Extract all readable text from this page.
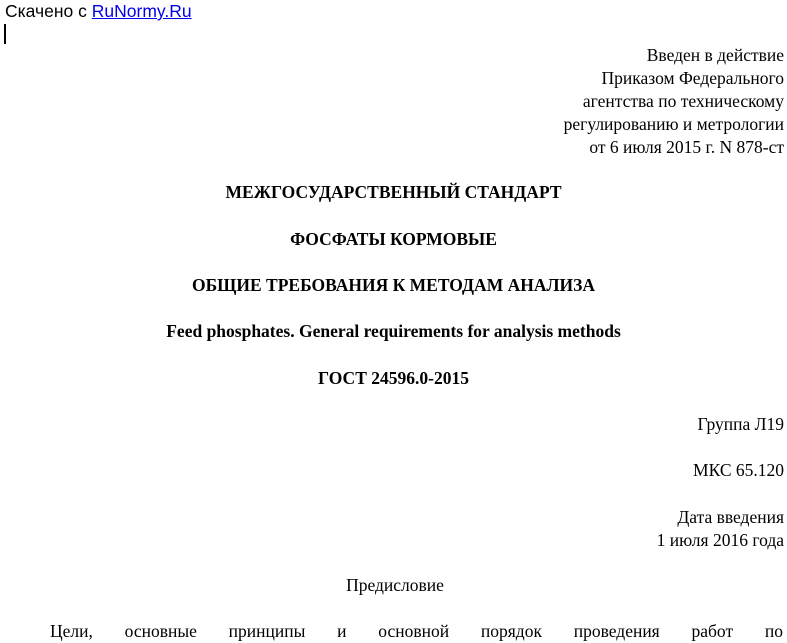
Скачено с RuNormy.Ru
Введен в действие
Приказом Федерального
агентства по техническому
регулированию и метрологии
от 6 июля 2015 г. N 878-ст
МЕЖГОСУДАРСТВЕННЫЙ СТАНДАРТ
ФОСФАТЫ КОРМОВЫЕ
ОБЩИЕ ТРЕБОВАНИЯ К МЕТОДАМ АНАЛИЗА
Feed phosphates. General requirements for analysis methods
ГОСТ 24596.0-2015
Группа Л19
МКС 65.120
Дата введения
1 июля 2016 года
Предисловие
Цели, основные принципы и основной порядок проведения работ по
